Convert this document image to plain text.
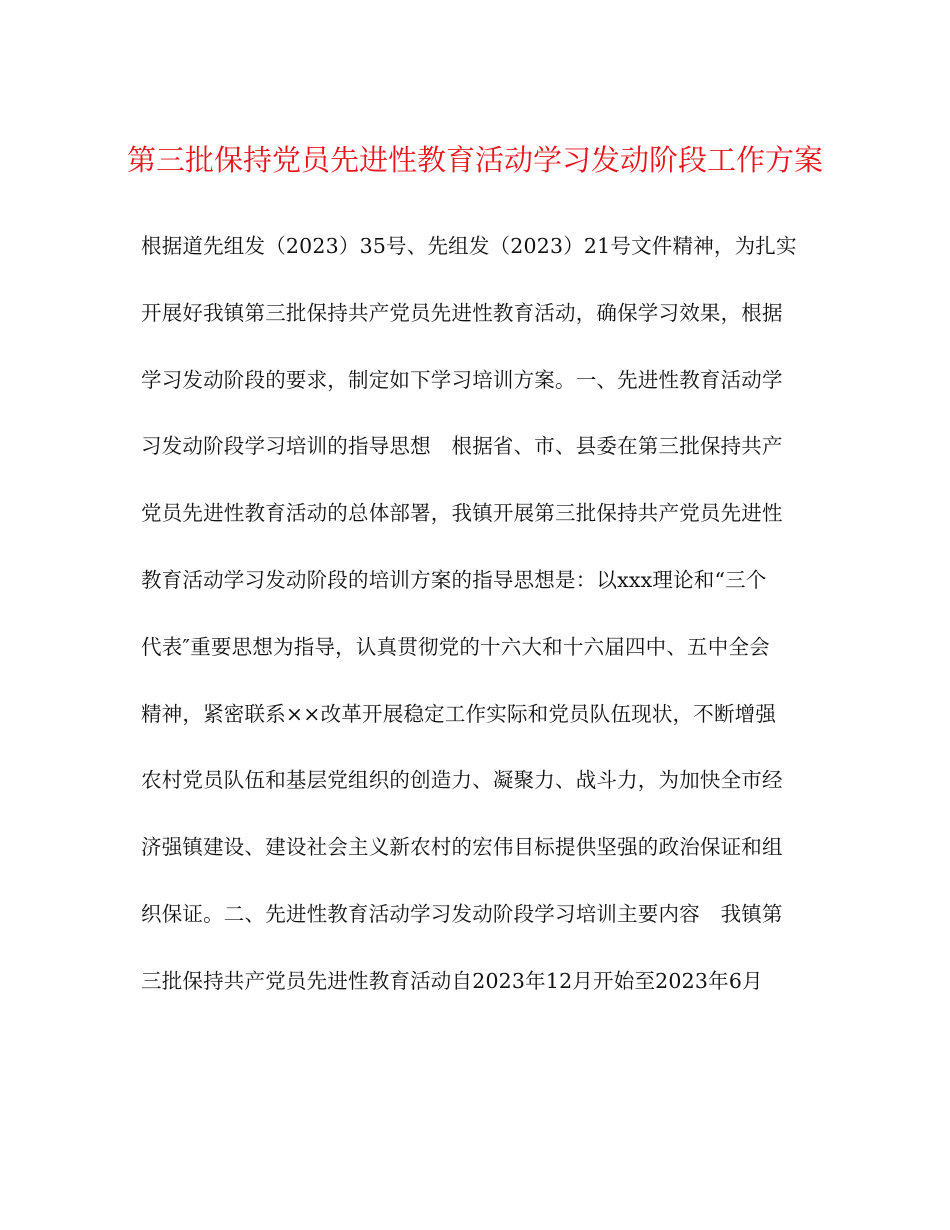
第三批保持党员先进性教育活动学习发动阶段工作方案
根据道先组发（2023）35号、先组发（2023）21号文件精神，为扎实
开展好我镇第三批保持共产党员先进性教育活动，确保学习效果，根据
学习发动阶段的要求，制定如下学习培训方案。一、先进性教育活动学
习发动阶段学习培训的指导思想　根据省、市、县委在第三批保持共产
党员先进性教育活动的总体部署，我镇开展第三批保持共产党员先进性
教育活动学习发动阶段的培训方案的指导思想是：以xxx理论和“三个
代表″重要思想为指导，认真贯彻党的十六大和十六届四中、五中全会
精神，紧密联系××改革开展稳定工作实际和党员队伍现状，不断增强
农村党员队伍和基层党组织的创造力、凝聚力、战斗力，为加快全市经
济强镇建设、建设社会主义新农村的宏伟目标提供坚强的政治保证和组
织保证。二、先进性教育活动学习发动阶段学习培训主要内容　我镇第
三批保持共产党员先进性教育活动自2023年12月开始至2023年6月
